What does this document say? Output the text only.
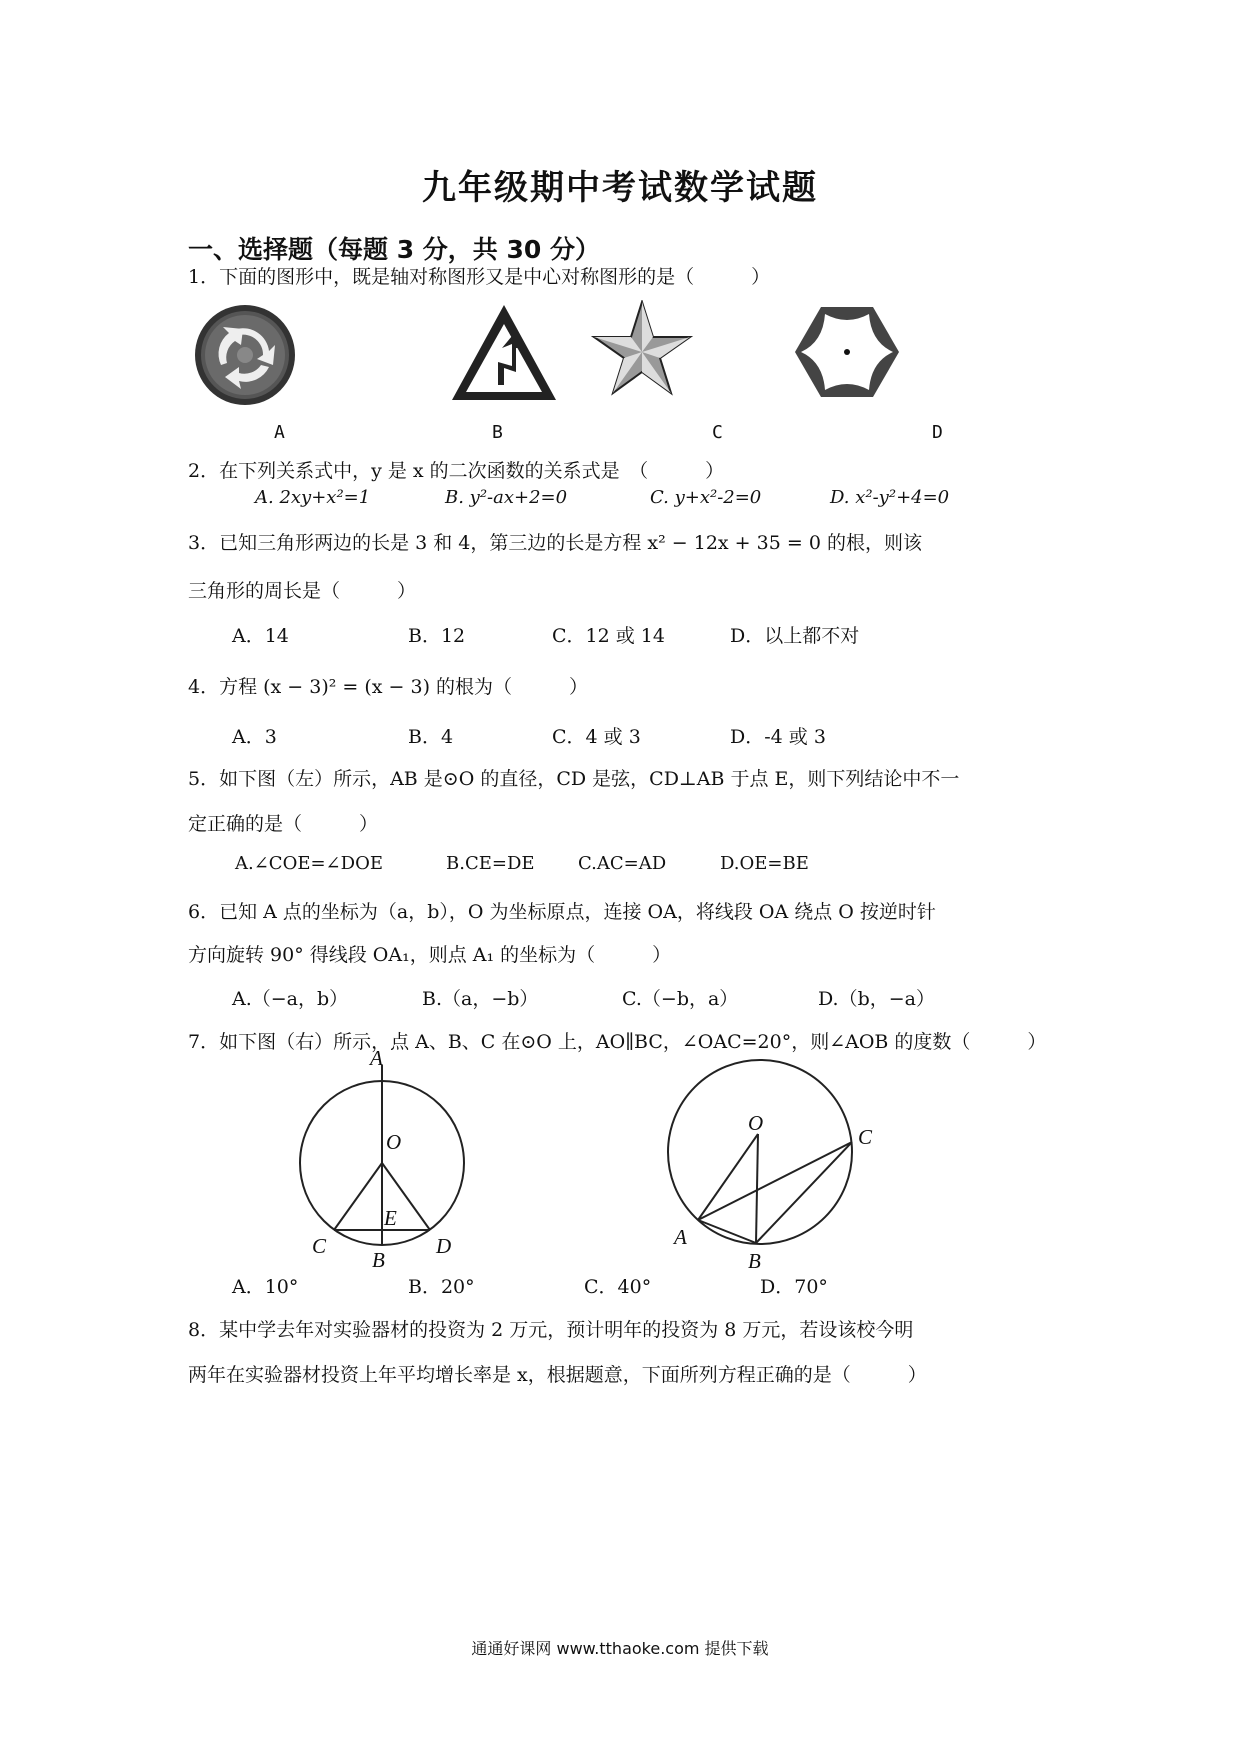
九年级期中考试数学试题
一、选择题（每题 3 分，共 30 分）
1．下面的图形中，既是轴对称图形又是中心对称图形的是（　　　）
A	B	C	D
2．在下列关系式中，y 是 x 的二次函数的关系式是　（　　　）
A. 2xy+x²=1	B. y²-ax+2=0	C. y+x²-2=0	D. x²-y²+4=0
3．已知三角形两边的长是 3 和 4，第三边的长是方程 x² − 12x + 35 = 0 的根，则该
三角形的周长是（　　　）
A．14	B．12	C．12 或 14	D．以上都不对
4．方程 (x − 3)² = (x − 3) 的根为（　　　）
A．3	B．4	C．4 或 3	D．-4 或 3
5．如下图（左）所示，AB 是⊙O 的直径，CD 是弦，CD⊥AB 于点 E，则下列结论中不一
定正确的是（　　　）
A.∠COE=∠DOE	B.CE=DE C.AC=AD	D.OE=BE
6．已知 A 点的坐标为（a，b），O 为坐标原点，连接 OA，将线段 OA 绕点 O 按逆时针
方向旋转 90° 得线段 OA₁，则点 A₁ 的坐标为（　　　）
A.（−a，b）	B.（a，−b）	C.（−b，a）	D.（b，−a）
7．如下图（右）所示，点 A、B、C 在⊙O 上，AO∥BC，∠OAC=20°，则∠AOB 的度数（　　　）
A
O
E
C
B
D
O
C
A
B
A．10°	B．20°	C．40°	D．70°
8．某中学去年对实验器材的投资为 2 万元，预计明年的投资为 8 万元，若设该校今明
两年在实验器材投资上年平均增长率是 x，根据题意，下面所列方程正确的是（　　　）
通通好课网 www.tthaoke.com 提供下载
